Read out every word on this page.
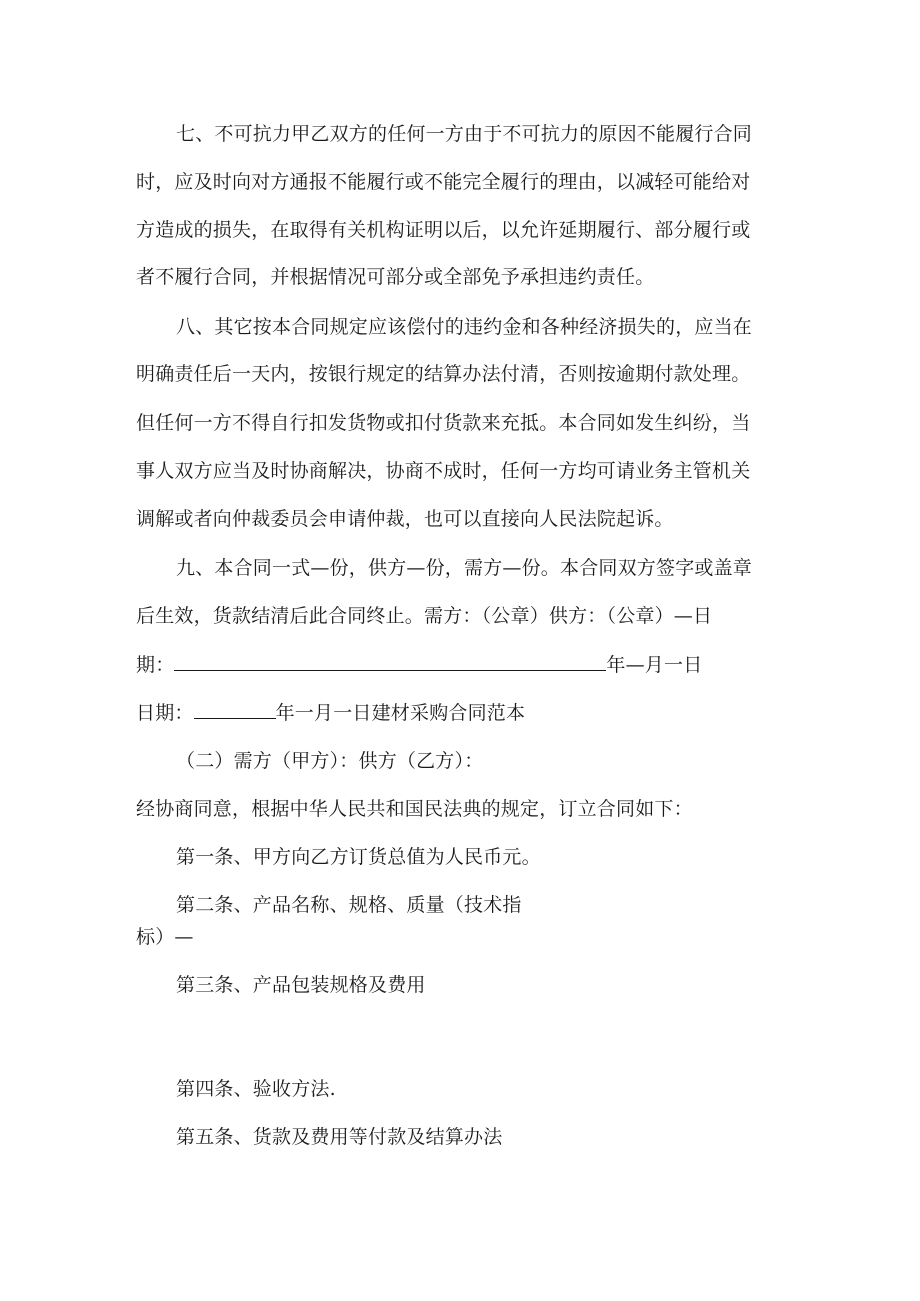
七、不可抗力甲乙双方的任何一方由于不可抗力的原因不能履行合同
时，应及时向对方通报不能履行或不能完全履行的理由，以减轻可能给对
方造成的损失，在取得有关机构证明以后，以允许延期履行、部分履行或
者不履行合同，并根据情况可部分或全部免予承担违约责任。
八、其它按本合同规定应该偿付的违约金和各种经济损失的，应当在
明确责任后一天内，按银行规定的结算办法付清，否则按逾期付款处理。
但任何一方不得自行扣发货物或扣付货款来充抵。本合同如发生纠纷，当
事人双方应当及时协商解决，协商不成时，任何一方均可请业务主管机关
调解或者向仲裁委员会申请仲裁，也可以直接向人民法院起诉。
九、本合同一式—份，供方—份，需方—份。本合同双方签字或盖章
后生效，货款结清后此合同终止。需方：（公章）供方：（公章）—日
期：	年—月一日
日期：	年一月一日建材采购合同范本
（二）需方（甲方）：供方（乙方）：
经协商同意，根据中华人民共和国民法典的规定，订立合同如下：
第一条、甲方向乙方订货总值为人民币元。
第二条、产品名称、规格、质量（技术指
标）—
第三条、产品包装规格及费用
第四条、验收方法.
第五条、货款及费用等付款及结算办法
